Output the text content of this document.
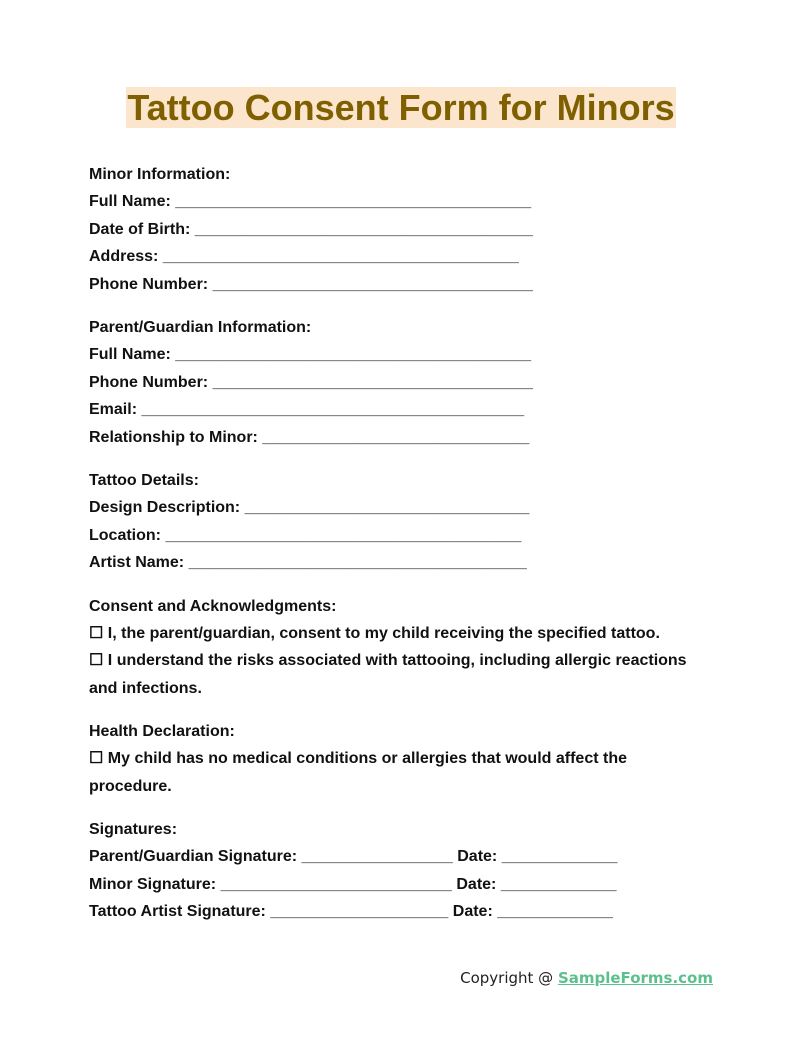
Tattoo Consent Form for Minors
Minor Information:
Full Name: ________________________________________
Date of Birth: ______________________________________
Address: ________________________________________
Phone Number: ____________________________________
Parent/Guardian Information:
Full Name: ________________________________________
Phone Number: ____________________________________
Email: ___________________________________________
Relationship to Minor: ______________________________
Tattoo Details:
Design Description: ________________________________
Location: ________________________________________
Artist Name: ______________________________________
Consent and Acknowledgments:
☐ I, the parent/guardian, consent to my child receiving the specified tattoo.
☐ I understand the risks associated with tattooing, including allergic reactions and infections.
Health Declaration:
☐ My child has no medical conditions or allergies that would affect the procedure.
Signatures:
Parent/Guardian Signature: _________________ Date: _____________
Minor Signature: __________________________ Date: _____________
Tattoo Artist Signature: ____________________ Date: _____________
Copyright @ SampleForms.com
